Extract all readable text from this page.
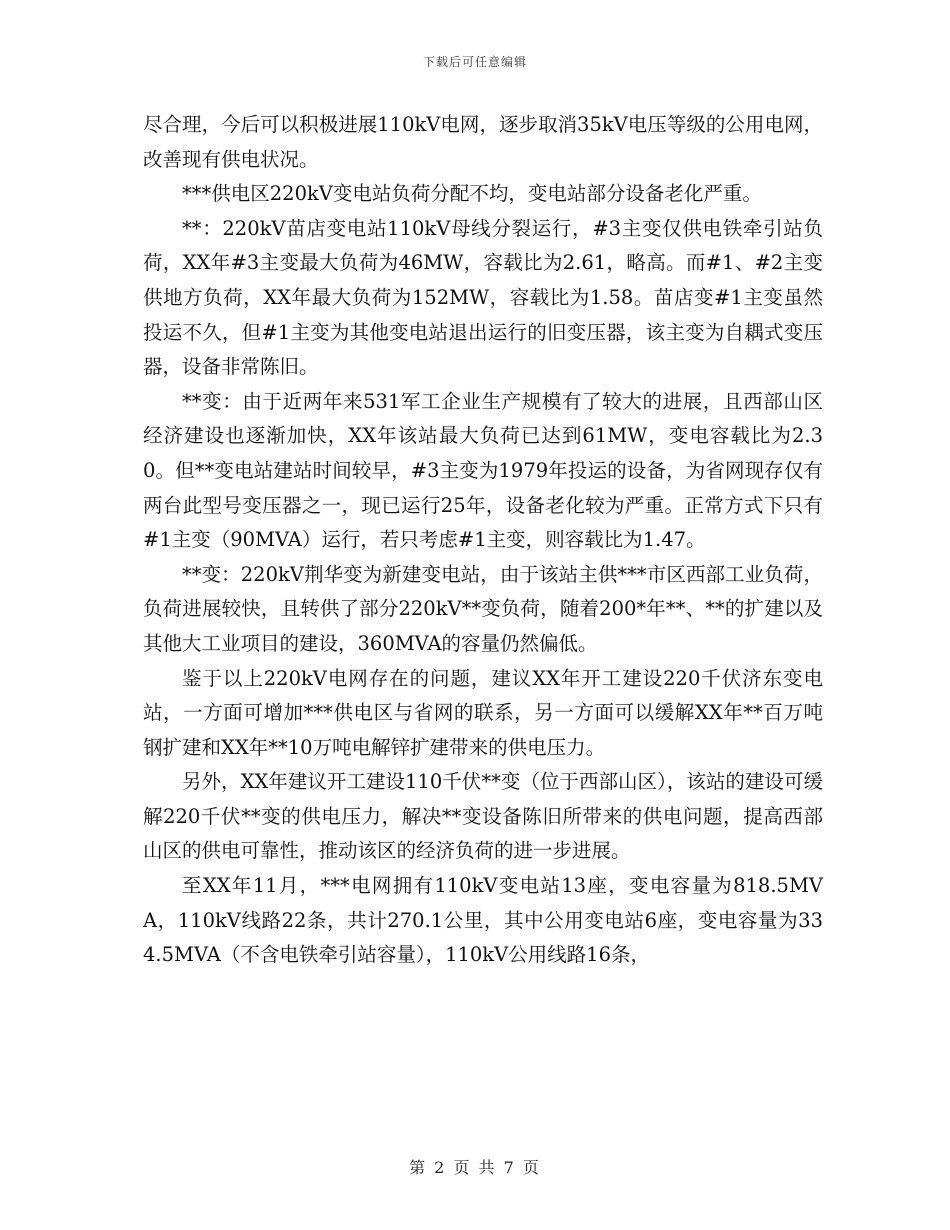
下载后可任意编辑

尽合理，今后可以积极进展110kV电网，逐步取消35kV电压等级的公用电网，改善现有供电状况。

***供电区220kV变电站负荷分配不均，变电站部分设备老化严重。

**：220kV苗店变电站110kV母线分裂运行，#3主变仅供电铁牵引站负荷，XX年#3主变最大负荷为46MW，容载比为2.61，略高。而#1、#2主变供地方负荷，XX年最大负荷为152MW，容载比为1.58。苗店变#1主变虽然投运不久，但#1主变为其他变电站退出运行的旧变压器，该主变为自耦式变压器，设备非常陈旧。

**变：由于近两年来531军工企业生产规模有了较大的进展，且西部山区经济建设也逐渐加快，XX年该站最大负荷已达到61MW，变电容载比为2.30。但**变电站建站时间较早，#3主变为1979年投运的设备，为省网现存仅有两台此型号变压器之一，现已运行25年，设备老化较为严重。正常方式下只有#1主变（90MVA）运行，若只考虑#1主变，则容载比为1.47。

**变：220kV荆华变为新建变电站，由于该站主供***市区西部工业负荷，负荷进展较快，且转供了部分220kV**变负荷，随着200*年**、**的扩建以及其他大工业项目的建设，360MVA的容量仍然偏低。

鉴于以上220kV电网存在的问题，建议XX年开工建设220千伏济东变电站，一方面可增加***供电区与省网的联系，另一方面可以缓解XX年**百万吨钢扩建和XX年**10万吨电解锌扩建带来的供电压力。

另外，XX年建议开工建设110千伏**变（位于西部山区），该站的建设可缓解220千伏**变的供电压力，解决**变设备陈旧所带来的供电问题，提高西部山区的供电可靠性，推动该区的经济负荷的进一步进展。

至XX年11月，***电网拥有110kV变电站13座，变电容量为818.5MVA，110kV线路22条，共计270.1公里，其中公用变电站6座，变电容量为334.5MVA（不含电铁牵引站容量），110kV公用线路16条，

第 2 页 共 7 页
